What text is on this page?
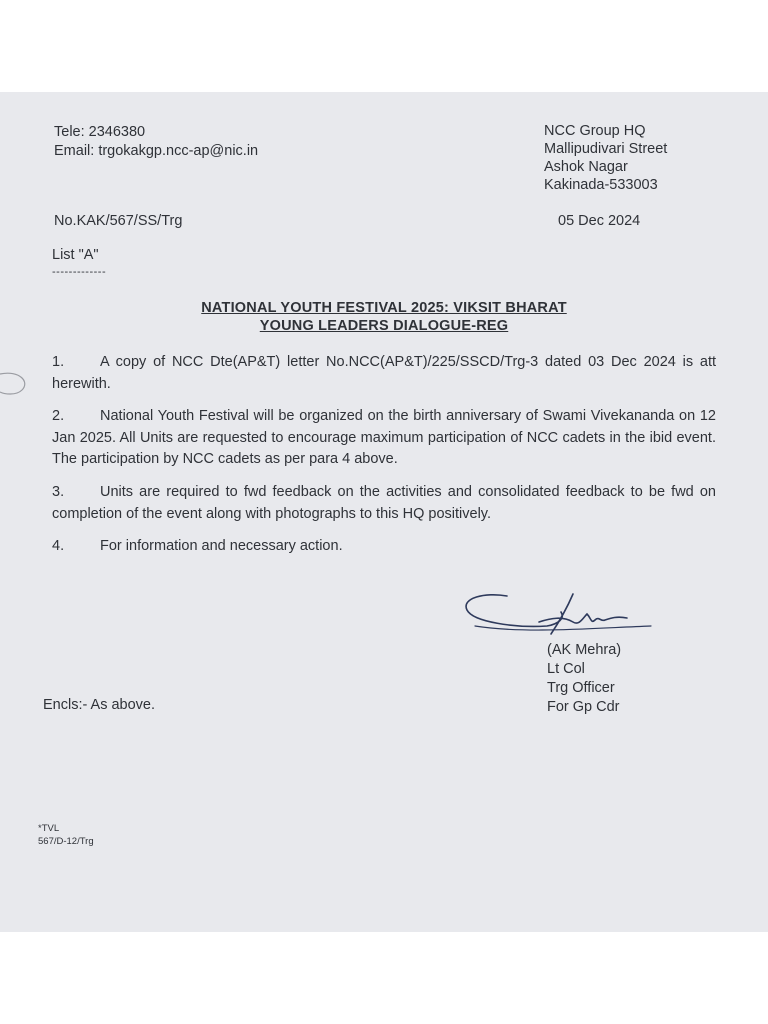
Tele: 2346380
Email: trgokakgp.ncc-ap@nic.in
NCC Group HQ
Mallipudivari Street
Ashok Nagar
Kakinada-533003
No.KAK/567/SS/Trg	05 Dec 2024
List "A"
-------------
NATIONAL YOUTH FESTIVAL 2025: VIKSIT BHARAT
YOUNG LEADERS DIALOGUE-REG
1. A copy of NCC Dte(AP&T) letter No.NCC(AP&T)/225/SSCD/Trg-3 dated 03 Dec 2024 is att herewith.
2. National Youth Festival will be organized on the birth anniversary of Swami Vivekananda on 12 Jan 2025. All Units are requested to encourage maximum participation of NCC cadets in the ibid event. The participation by NCC cadets as per para 4 above.
3. Units are required to fwd feedback on the activities and consolidated feedback to be fwd on completion of the event along with photographs to this HQ positively.
4. For information and necessary action.
(AK Mehra)
Lt Col
Trg Officer
For Gp Cdr
Encls:- As above.
*TVL
567/D-12/Trg
